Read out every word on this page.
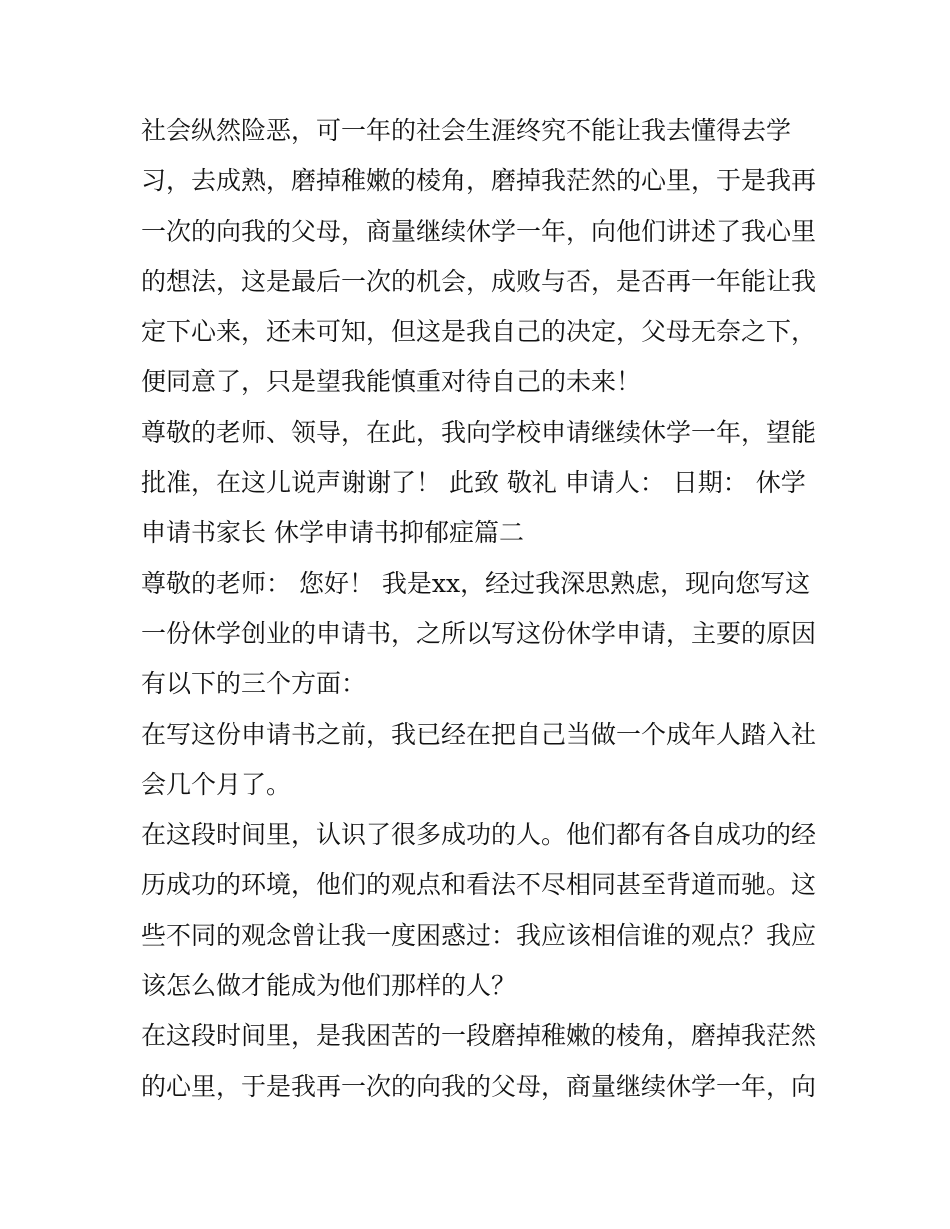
社会纵然险恶，可一年的社会生涯终究不能让我去懂得去学
习，去成熟，磨掉稚嫩的棱角，磨掉我茫然的心里，于是我再
一次的向我的父母，商量继续休学一年，向他们讲述了我心里
的想法，这是最后一次的机会，成败与否，是否再一年能让我
定下心来，还未可知，但这是我自己的决定，父母无奈之下，
便同意了，只是望我能慎重对待自己的未来！

尊敬的老师、领导，在此，我向学校申请继续休学一年，望能
批准，在这儿说声谢谢了！ 此致 敬礼 申请人： 日期： 休学
申请书家长 休学申请书抑郁症篇二

尊敬的老师： 您好！ 我是xx，经过我深思熟虑，现向您写这
一份休学创业的申请书，之所以写这份休学申请，主要的原因
有以下的三个方面：

在写这份申请书之前，我已经在把自己当做一个成年人踏入社
会几个月了。

在这段时间里，认识了很多成功的人。他们都有各自成功的经
历成功的环境，他们的观点和看法不尽相同甚至背道而驰。这
些不同的观念曾让我一度困惑过：我应该相信谁的观点？我应
该怎么做才能成为他们那样的人？

在这段时间里，是我困苦的一段磨掉稚嫩的棱角，磨掉我茫然
的心里，于是我再一次的向我的父母，商量继续休学一年，向
